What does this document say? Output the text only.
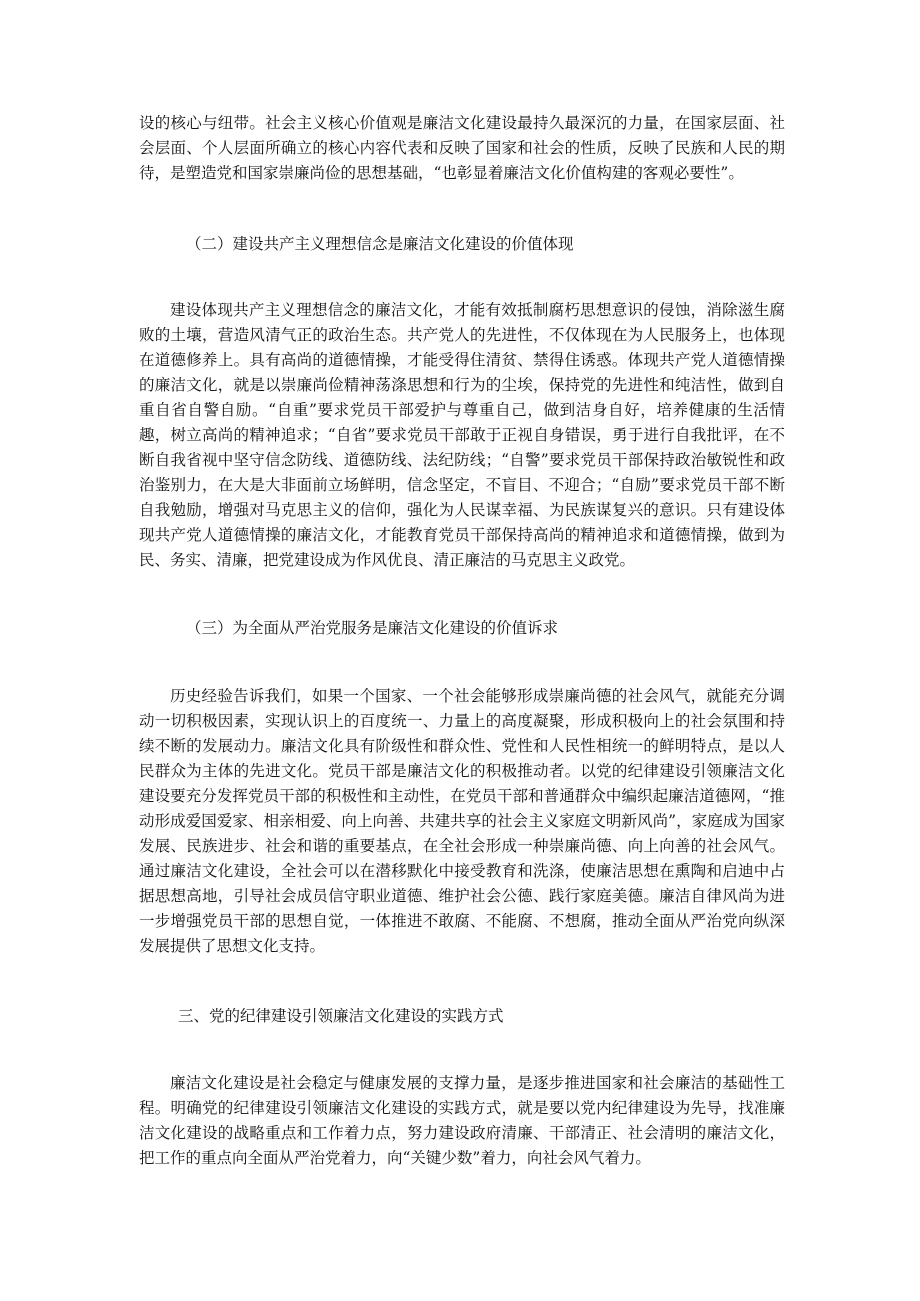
设的核心与纽带。社会主义核心价值观是廉洁文化建设最持久最深沉的力量，在国家层面、社会层面、个人层面所确立的核心内容代表和反映了国家和社会的性质，反映了民族和人民的期待，是塑造党和国家崇廉尚俭的思想基础，“也彰显着廉洁文化价值构建的客观必要性”。

（二）建设共产主义理想信念是廉洁文化建设的价值体现

建设体现共产主义理想信念的廉洁文化，才能有效抵制腐朽思想意识的侵蚀，消除滋生腐败的土壤，营造风清气正的政治生态。共产党人的先进性，不仅体现在为人民服务上，也体现在道德修养上。具有高尚的道德情操，才能受得住清贫、禁得住诱惑。体现共产党人道德情操的廉洁文化，就是以崇廉尚俭精神荡涤思想和行为的尘埃，保持党的先进性和纯洁性，做到自重自省自警自励。“自重”要求党员干部爱护与尊重自己，做到洁身自好，培养健康的生活情趣，树立高尚的精神追求；“自省”要求党员干部敢于正视自身错误，勇于进行自我批评，在不断自我省视中坚守信念防线、道德防线、法纪防线；“自警”要求党员干部保持政治敏锐性和政治鉴别力，在大是大非面前立场鲜明，信念坚定，不盲目、不迎合；“自励”要求党员干部不断自我勉励，增强对马克思主义的信仰，强化为人民谋幸福、为民族谋复兴的意识。只有建设体现共产党人道德情操的廉洁文化，才能教育党员干部保持高尚的精神追求和道德情操，做到为民、务实、清廉，把党建设成为作风优良、清正廉洁的马克思主义政党。

（三）为全面从严治党服务是廉洁文化建设的价值诉求

历史经验告诉我们，如果一个国家、一个社会能够形成崇廉尚德的社会风气，就能充分调动一切积极因素，实现认识上的百度统一、力量上的高度凝聚，形成积极向上的社会氛围和持续不断的发展动力。廉洁文化具有阶级性和群众性、党性和人民性相统一的鲜明特点，是以人民群众为主体的先进文化。党员干部是廉洁文化的积极推动者。以党的纪律建设引领廉洁文化建设要充分发挥党员干部的积极性和主动性，在党员干部和普通群众中编织起廉洁道德网，“推动形成爱国爱家、相亲相爱、向上向善、共建共享的社会主义家庭文明新风尚”，家庭成为国家发展、民族进步、社会和谐的重要基点，在全社会形成一种崇廉尚德、向上向善的社会风气。通过廉洁文化建设，全社会可以在潜移默化中接受教育和洗涤，使廉洁思想在熏陶和启迪中占据思想高地，引导社会成员信守职业道德、维护社会公德、践行家庭美德。廉洁自律风尚为进一步增强党员干部的思想自觉，一体推进不敢腐、不能腐、不想腐，推动全面从严治党向纵深发展提供了思想文化支持。

三、党的纪律建设引领廉洁文化建设的实践方式

廉洁文化建设是社会稳定与健康发展的支撑力量，是逐步推进国家和社会廉洁的基础性工程。明确党的纪律建设引领廉洁文化建设的实践方式，就是要以党内纪律建设为先导，找准廉洁文化建设的战略重点和工作着力点，努力建设政府清廉、干部清正、社会清明的廉洁文化，把工作的重点向全面从严治党着力，向“关键少数”着力，向社会风气着力。
